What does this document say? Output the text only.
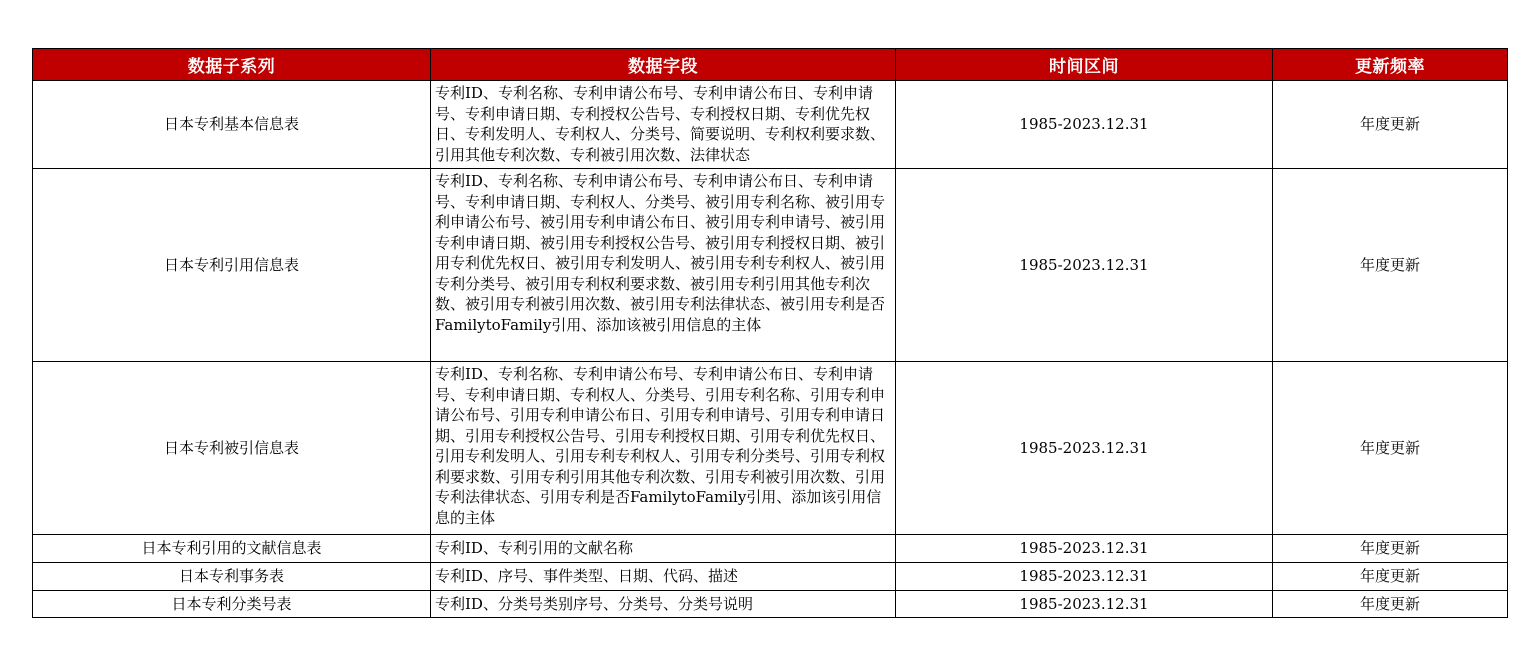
数据子系列	数据字段	时间区间	更新频率
日本专利基本信息表	专利ID、专利名称、专利申请公布号、专利申请公布日、专利申请号、专利申请日期、专利授权公告号、专利授权日期、专利优先权日、专利发明人、专利权人、分类号、简要说明、专利权利要求数、引用其他专利次数、专利被引用次数、法律状态	1985-2023.12.31	年度更新
日本专利引用信息表	专利ID、专利名称、专利申请公布号、专利申请公布日、专利申请号、专利申请日期、专利权人、分类号、被引用专利名称、被引用专利申请公布号、被引用专利申请公布日、被引用专利申请号、被引用专利申请日期、被引用专利授权公告号、被引用专利授权日期、被引用专利优先权日、被引用专利发明人、被引用专利专利权人、被引用专利分类号、被引用专利权利要求数、被引用专利引用其他专利次数、被引用专利被引用次数、被引用专利法律状态、被引用专利是否FamilytoFamily引用、添加该被引用信息的主体	1985-2023.12.31	年度更新
日本专利被引信息表	专利ID、专利名称、专利申请公布号、专利申请公布日、专利申请号、专利申请日期、专利权人、分类号、引用专利名称、引用专利申请公布号、引用专利申请公布日、引用专利申请号、引用专利申请日期、引用专利授权公告号、引用专利授权日期、引用专利优先权日、引用专利发明人、引用专利专利权人、引用专利分类号、引用专利权利要求数、引用专利引用其他专利次数、引用专利被引用次数、引用专利法律状态、引用专利是否FamilytoFamily引用、添加该引用信息的主体	1985-2023.12.31	年度更新
日本专利引用的文献信息表	专利ID、专利引用的文献名称	1985-2023.12.31	年度更新
日本专利事务表	专利ID、序号、事件类型、日期、代码、描述	1985-2023.12.31	年度更新
日本专利分类号表	专利ID、分类号类别序号、分类号、分类号说明	1985-2023.12.31	年度更新
